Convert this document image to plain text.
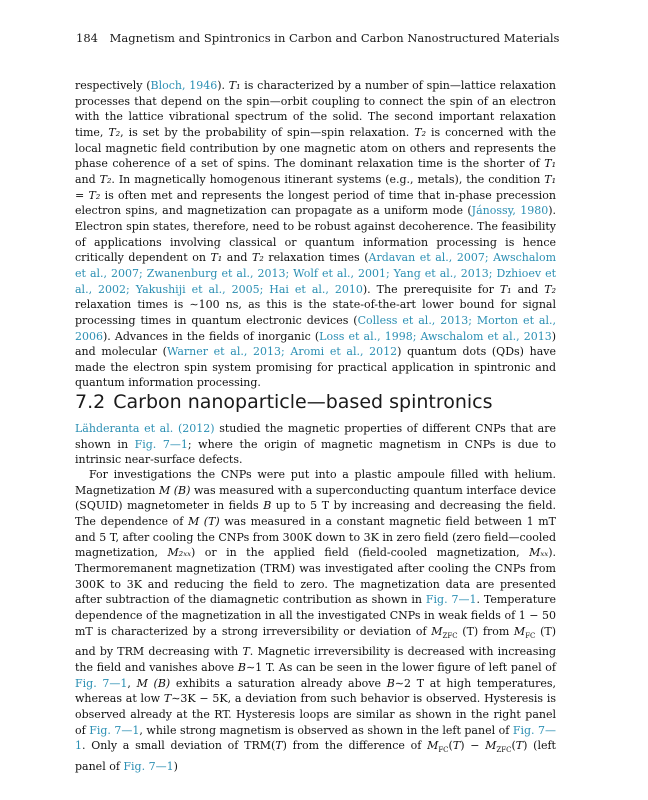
184 Magnetism and Spintronics in Carbon and Carbon Nanostructured Materials

respectively (Bloch, 1946). T₁ is characterized by a number of spin—lattice relaxation processes that depend on the spin—orbit coupling to connect the spin of an electron with the lattice vibrational spectrum of the solid. The second important relaxation time, T₂, is set by the probability of spin—spin relaxation. T₂ is concerned with the local magnetic field contribution by one magnetic atom on others and represents the phase coherence of a set of spins. The dominant relaxation time is the shorter of T₁ and T₂. In magnetically homogenous itinerant systems (e.g., metals), the condition T₁ = T₂ is often met and represents the longest period of time that in-phase precession electron spins, and magnetization can propagate as a uniform mode (Jánossy, 1980). Electron spin states, therefore, need to be robust against decoherence. The feasibility of applications involving classical or quantum information processing is hence critically dependent on T₁ and T₂ relaxation times (Ardavan et al., 2007; Awschalom et al., 2007; Zwanenburg et al., 2013; Wolf et al., 2001; Yang et al., 2013; Dzhioev et al., 2002; Yakushiji et al., 2005; Hai et al., 2010). The prerequisite for T₁ and T₂ relaxation times is ∼100 ns, as this is the state-of-the-art lower bound for signal processing times in quantum electronic devices (Colless et al., 2013; Morton et al., 2006). Advances in the fields of inorganic (Loss et al., 1998; Awschalom et al., 2013) and molecular (Warner et al., 2013; Aromi et al., 2012) quantum dots (QDs) have made the electron spin system promising for practical application in spintronic and quantum information processing.

7.2 Carbon nanoparticle—based spintronics

Lähderanta et al. (2012) studied the magnetic properties of different CNPs that are shown in Fig. 7—1; where the origin of magnetic magnetism in CNPs is due to intrinsic near-surface defects.

For investigations the CNPs were put into a plastic ampoule filled with helium. Magnetization M (B) was measured with a superconducting quantum interface device (SQUID) magnetometer in fields B up to 5 T by increasing and decreasing the field. The dependence of M (T) was measured in a constant magnetic field between 1 mT and 5 T, after cooling the CNPs from 300K down to 3K in zero field (zero field—cooled magnetization, M₂ₓₓ) or in the applied field (field-cooled magnetization, Mₓₓ). Thermoremanent magnetization (TRM) was investigated after cooling the CNPs from 300K to 3K and reducing the field to zero. The magnetization data are presented after subtraction of the diamagnetic contribution as shown in Fig. 7—1. Temperature dependence of the magnetization in all the investigated CNPs in weak fields of 1 − 50 mT is characterized by a strong irreversibility or deviation of $M_{ZFC}$ (T) from $M_{FC}$ (T) and by TRM decreasing with T. Magnetic irreversibility is decreased with increasing the field and vanishes above B∼1 T. As can be seen in the lower figure of left panel of Fig. 7—1, M (B) exhibits a saturation already above B∼2 T at high temperatures, whereas at low T∼3K − 5K, a deviation from such behavior is observed. Hysteresis is observed already at the RT. Hysteresis loops are similar as shown in the right panel of Fig. 7—1, while strong magnetism is observed as shown in the left panel of Fig. 7—1. Only a small deviation of TRM(T) from the difference of $M_{FC}(T) - M_{ZFC}(T)$ (left panel of Fig. 7—1)
